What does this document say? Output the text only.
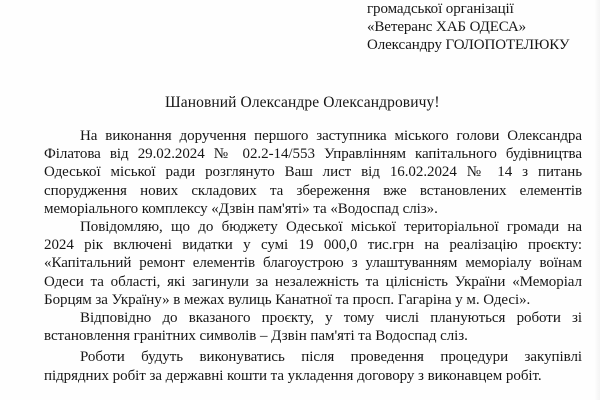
громадської організації
«Ветеранс ХАБ ОДЕСА»
Олександру ГОЛОПОТЕЛЮКУ
Шановний Олександре Олександровичу!
На виконання доручення першого заступника міського голови Олександра
Філатова від 29.02.2024 № 02.2-14/553 Управлінням капітального будівництва
Одеської міської ради розглянуто Ваш лист від 16.02.2024 № 14 з питань
спорудження нових складових та збереження вже встановлених елементів
меморіального комплексу «Дзвін пам'яті» та «Водоспад сліз».
Повідомляю, що до бюджету Одеської міської територіальної громади на
2024 рік включені видатки у сумі 19 000,0 тис.грн на реалізацію проєкту:
«Капітальний ремонт елементів благоустрою з улаштуванням меморіалу воїнам
Одеси та області, які загинули за незалежність та цілісність України «Меморіал
Борцям за Україну» в межах вулиць Канатної та просп. Гагаріна у м. Одесі».
Відповідно до вказаного проєкту, у тому числі плануються роботи зі
встановлення гранітних символів – Дзвін пам'яті та Водоспад сліз.
Роботи будуть виконуватись після проведення процедури закупівлі
підрядних робіт за державні кошти та укладення договору з виконавцем робіт.
